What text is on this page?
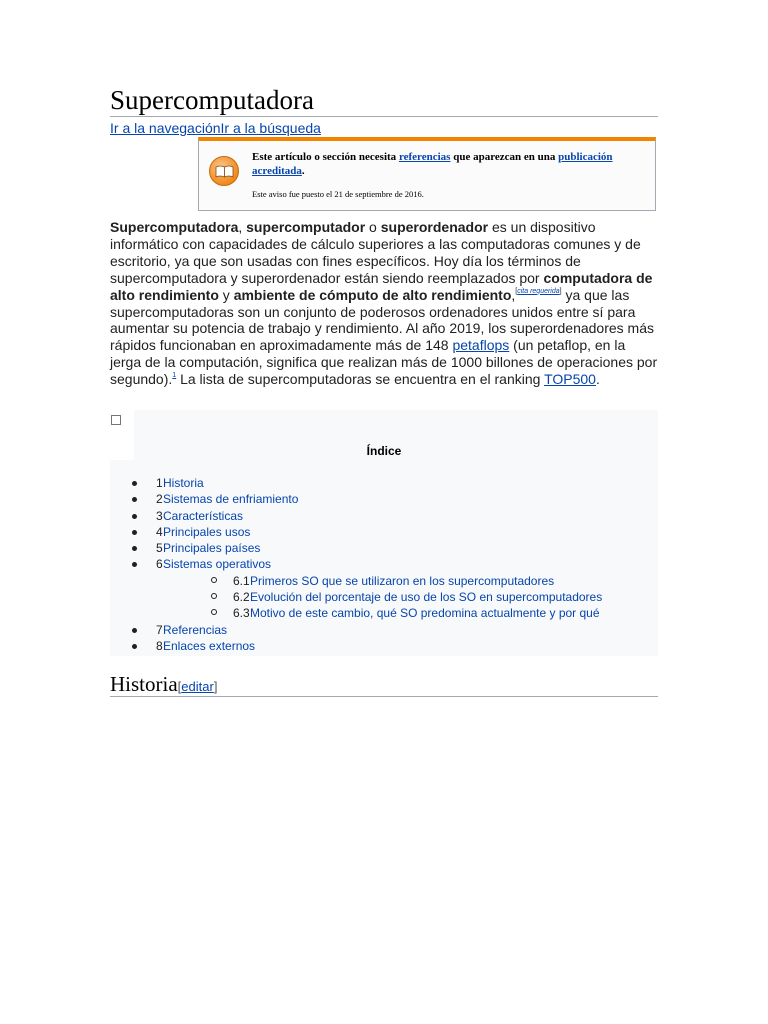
Supercomputadora
Ir a la navegaciónIr a la búsqueda
Este artículo o sección necesita referencias que aparezcan en una publicación acreditada.
Este aviso fue puesto el 21 de septiembre de 2016.

Supercomputadora, supercomputador o superordenador es un dispositivo informático con capacidades de cálculo superiores a las computadoras comunes y de escritorio, ya que son usadas con fines específicos. Hoy día los términos de supercomputadora y superordenador están siendo reemplazados por computadora de alto rendimiento y ambiente de cómputo de alto rendimiento,[cita requerida] ya que las supercomputadoras son un conjunto de poderosos ordenadores unidos entre sí para aumentar su potencia de trabajo y rendimiento. Al año 2019, los superordenadores más rápidos funcionaban en aproximadamente más de 148 petaflops (un petaflop, en la jerga de la computación, significa que realizan más de 1000 billones de operaciones por segundo).$^1$ La lista de supercomputadoras se encuentra en el ranking TOP500.

Índice
1 Historia
2 Sistemas de enfriamiento
3 Características
4 Principales usos
5 Principales países
6 Sistemas operativos
6.1 Primeros SO que se utilizaron en los supercomputadores
6.2 Evolución del porcentaje de uso de los SO en supercomputadores
6.3 Motivo de este cambio, qué SO predomina actualmente y por qué
7 Referencias
8 Enlaces externos
Historia[editar]
